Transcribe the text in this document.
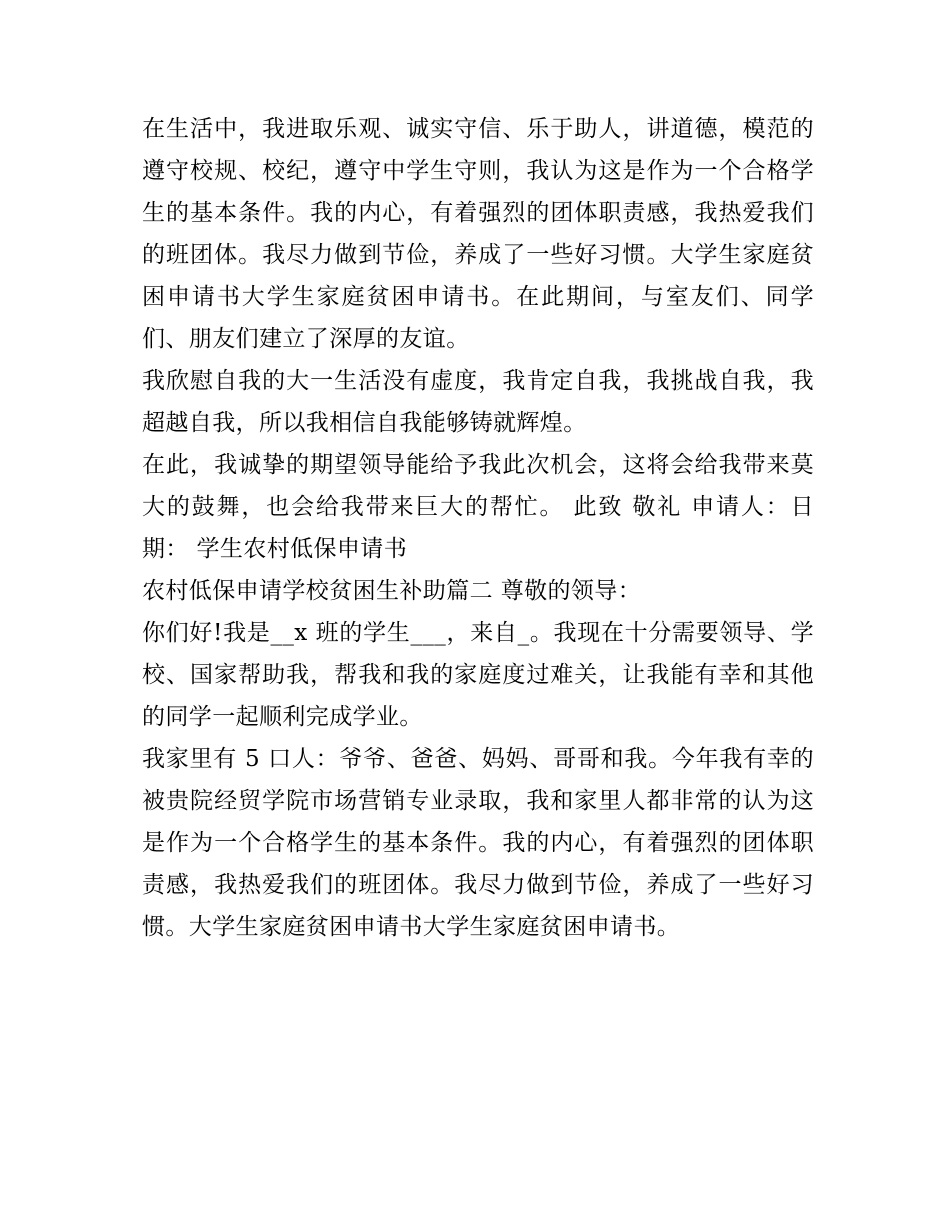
在生活中，我进取乐观、诚实守信、乐于助人，讲道德，模范的遵守校规、校纪，遵守中学生守则，我认为这是作为一个合格学生的基本条件。我的内心，有着强烈的团体职责感，我热爱我们的班团体。我尽力做到节俭，养成了一些好习惯。大学生家庭贫困申请书大学生家庭贫困申请书。在此期间，与室友们、同学们、朋友们建立了深厚的友谊。

我欣慰自我的大一生活没有虚度，我肯定自我，我挑战自我，我超越自我，所以我相信自我能够铸就辉煌。

在此，我诚挚的期望领导能给予我此次机会，这将会给我带来莫大的鼓舞，也会给我带来巨大的帮忙。 此致 敬礼 申请人：日期： 学生农村低保申请书

农村低保申请学校贫困生补助篇二 尊敬的领导：

你们好!我是__x 班的学生___，来自_。我现在十分需要领导、学校、国家帮助我，帮我和我的家庭度过难关，让我能有幸和其他的同学一起顺利完成学业。

我家里有 5 口人：爷爷、爸爸、妈妈、哥哥和我。今年我有幸的被贵院经贸学院市场营销专业录取，我和家里人都非常的认为这是作为一个合格学生的基本条件。我的内心，有着强烈的团体职责感，我热爱我们的班团体。我尽力做到节俭，养成了一些好习惯。大学生家庭贫困申请书大学生家庭贫困申请书。
